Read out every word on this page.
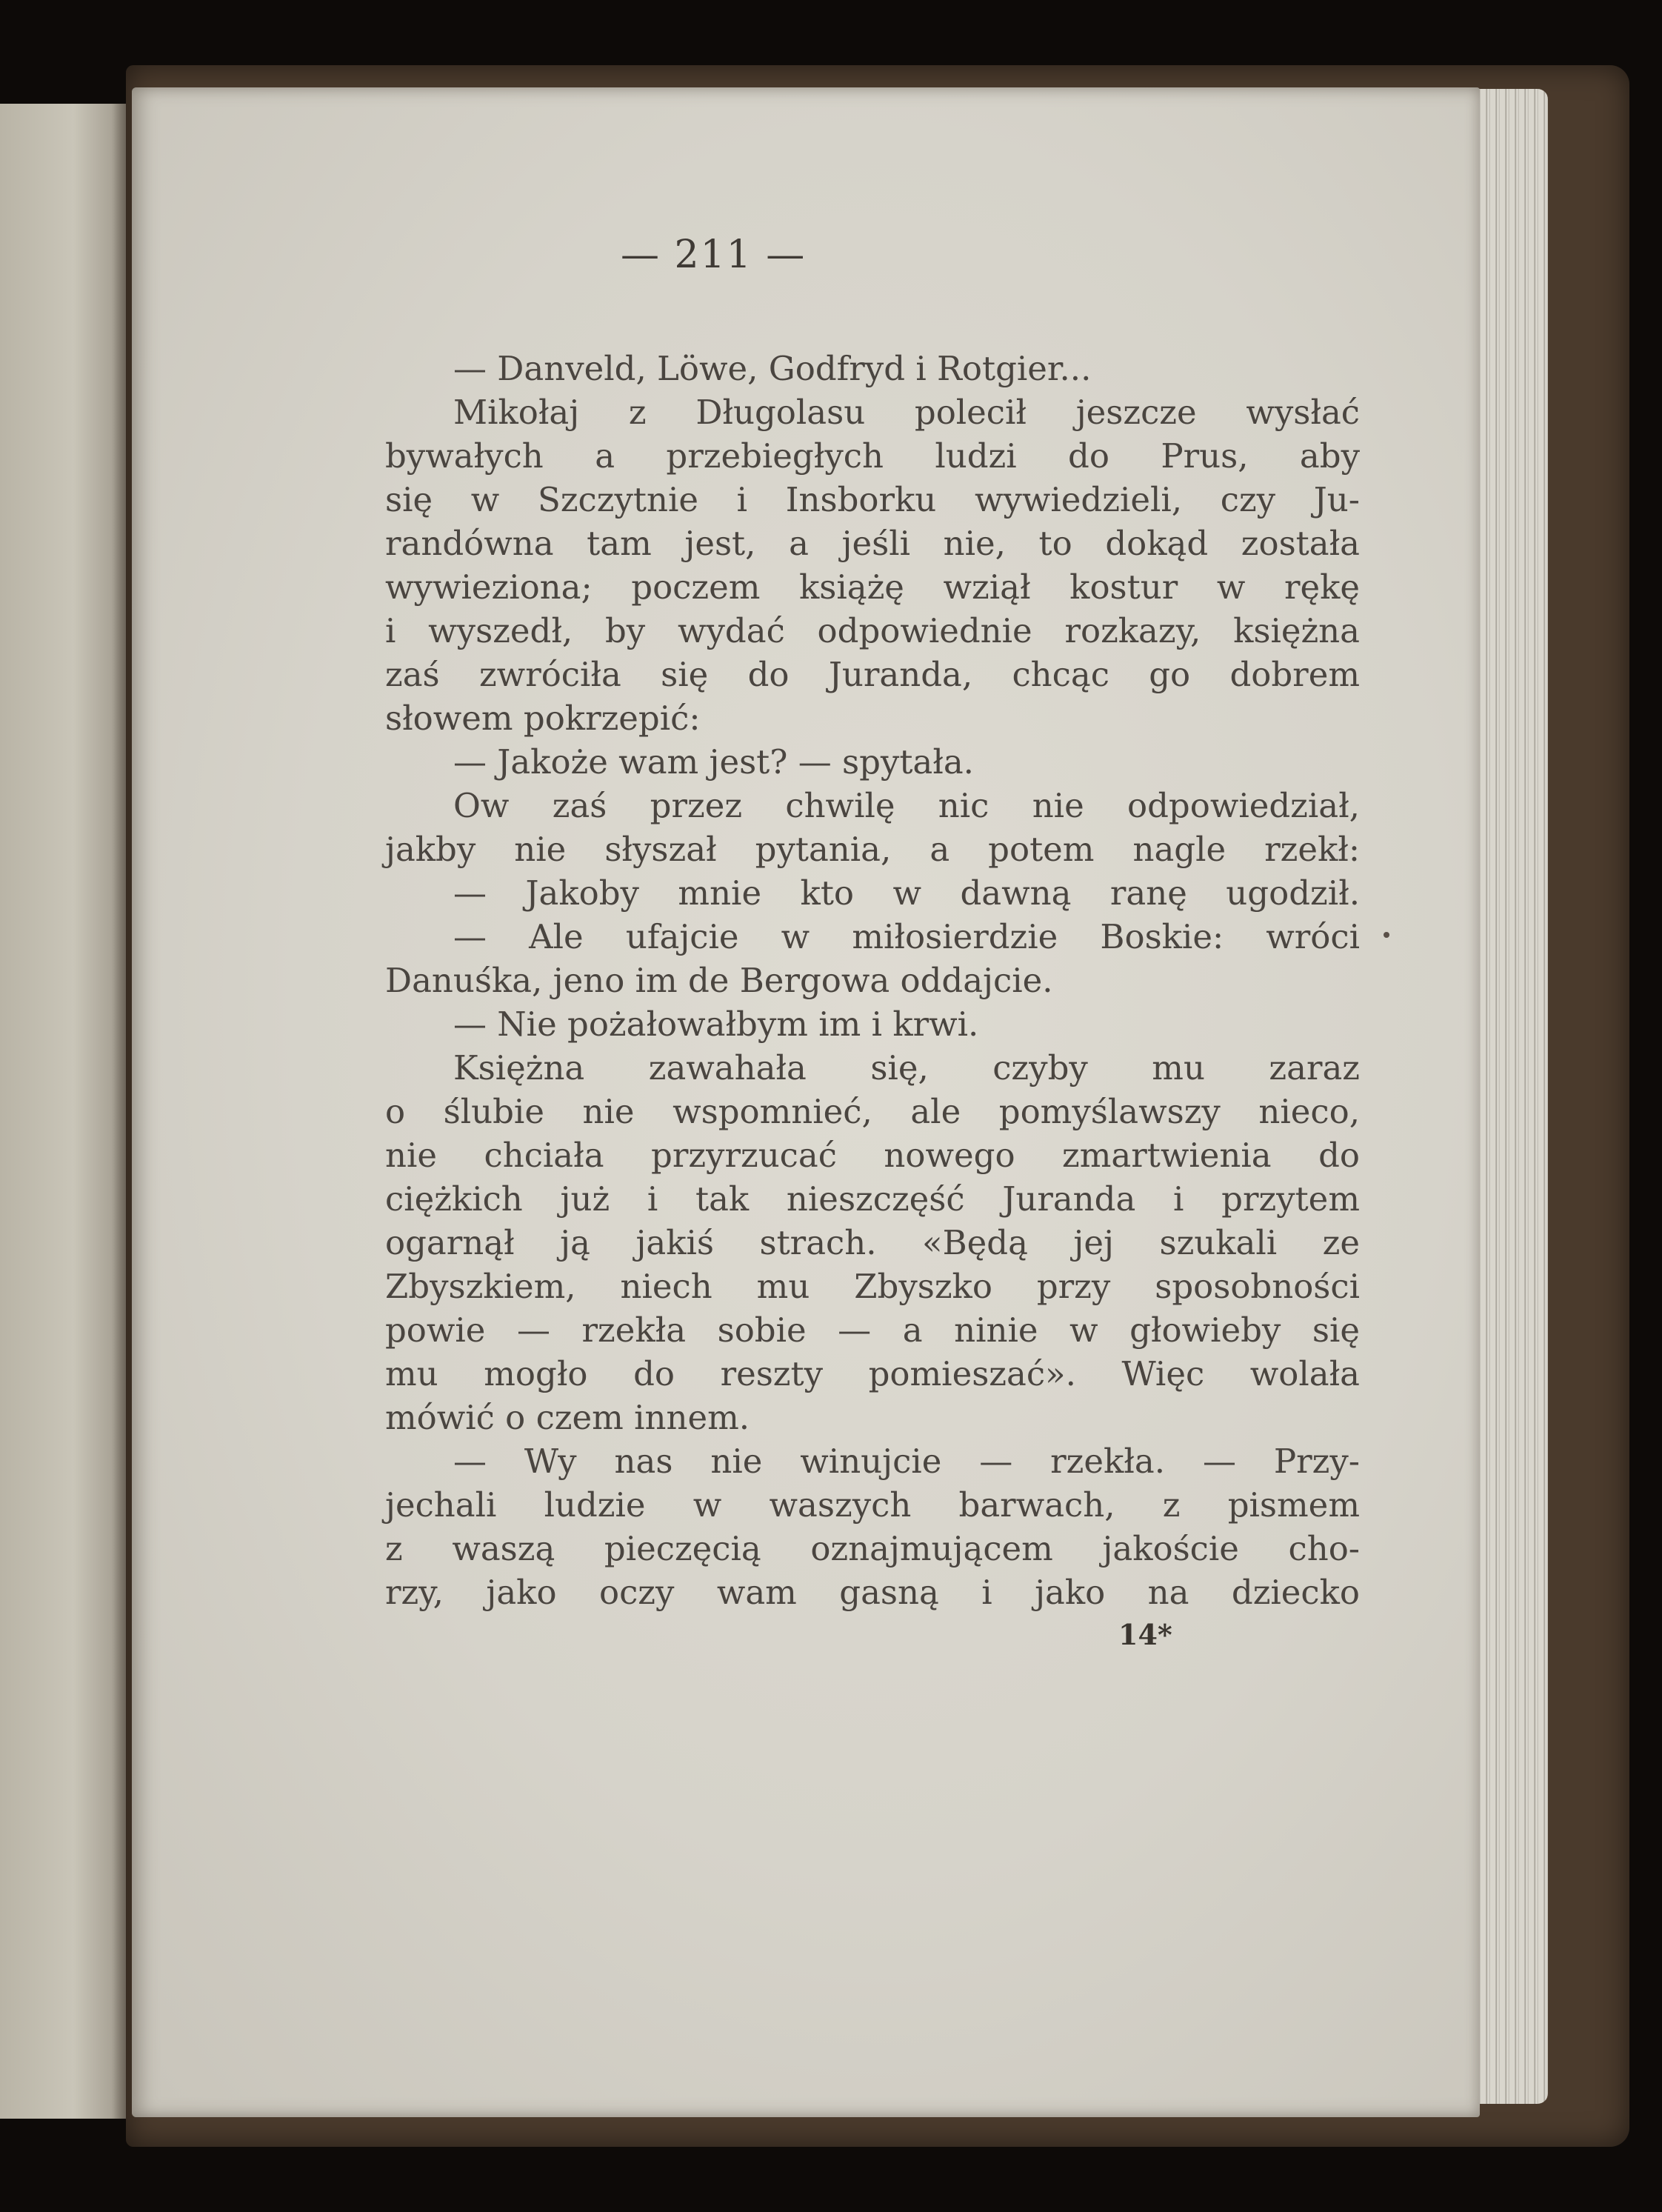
— 211 —
— Danveld, Löwe, Godfryd i Rotgier...
Mikołaj z Długolasu polecił jeszcze wysłać
bywałych a przebiegłych ludzi do Prus, aby
się w Szczytnie i Insborku wywiedzieli, czy Ju-
randówna tam jest, a jeśli nie, to dokąd została
wywieziona; poczem książę wziął kostur w rękę
i wyszedł, by wydać odpowiednie rozkazy, księżna
zaś zwróciła się do Juranda, chcąc go dobrem
słowem pokrzepić:
— Jakoże wam jest? — spytała.
Ow zaś przez chwilę nic nie odpowiedział,
jakby nie słyszał pytania, a potem nagle rzekł:
— Jakoby mnie kto w dawną ranę ugodził.
— Ale ufajcie w miłosierdzie Boskie: wróci
Danuśka, jeno im de Bergowa oddajcie.
— Nie pożałowałbym im i krwi.
Księżna zawahała się, czyby mu zaraz
o ślubie nie wspomnieć, ale pomyślawszy nieco,
nie chciała przyrzucać nowego zmartwienia do
ciężkich już i tak nieszczęść Juranda i przytem
ogarnął ją jakiś strach. «Będą jej szukali ze
Zbyszkiem, niech mu Zbyszko przy sposobności
powie — rzekła sobie — a ninie w głowieby się
mu mogło do reszty pomieszać». Więc wolała
mówić o czem innem.
— Wy nas nie winujcie — rzekła. — Przy-
jechali ludzie w waszych barwach, z pismem
z waszą pieczęcią oznajmującem jakoście cho-
rzy, jako oczy wam gasną i jako na dziecko
14*
